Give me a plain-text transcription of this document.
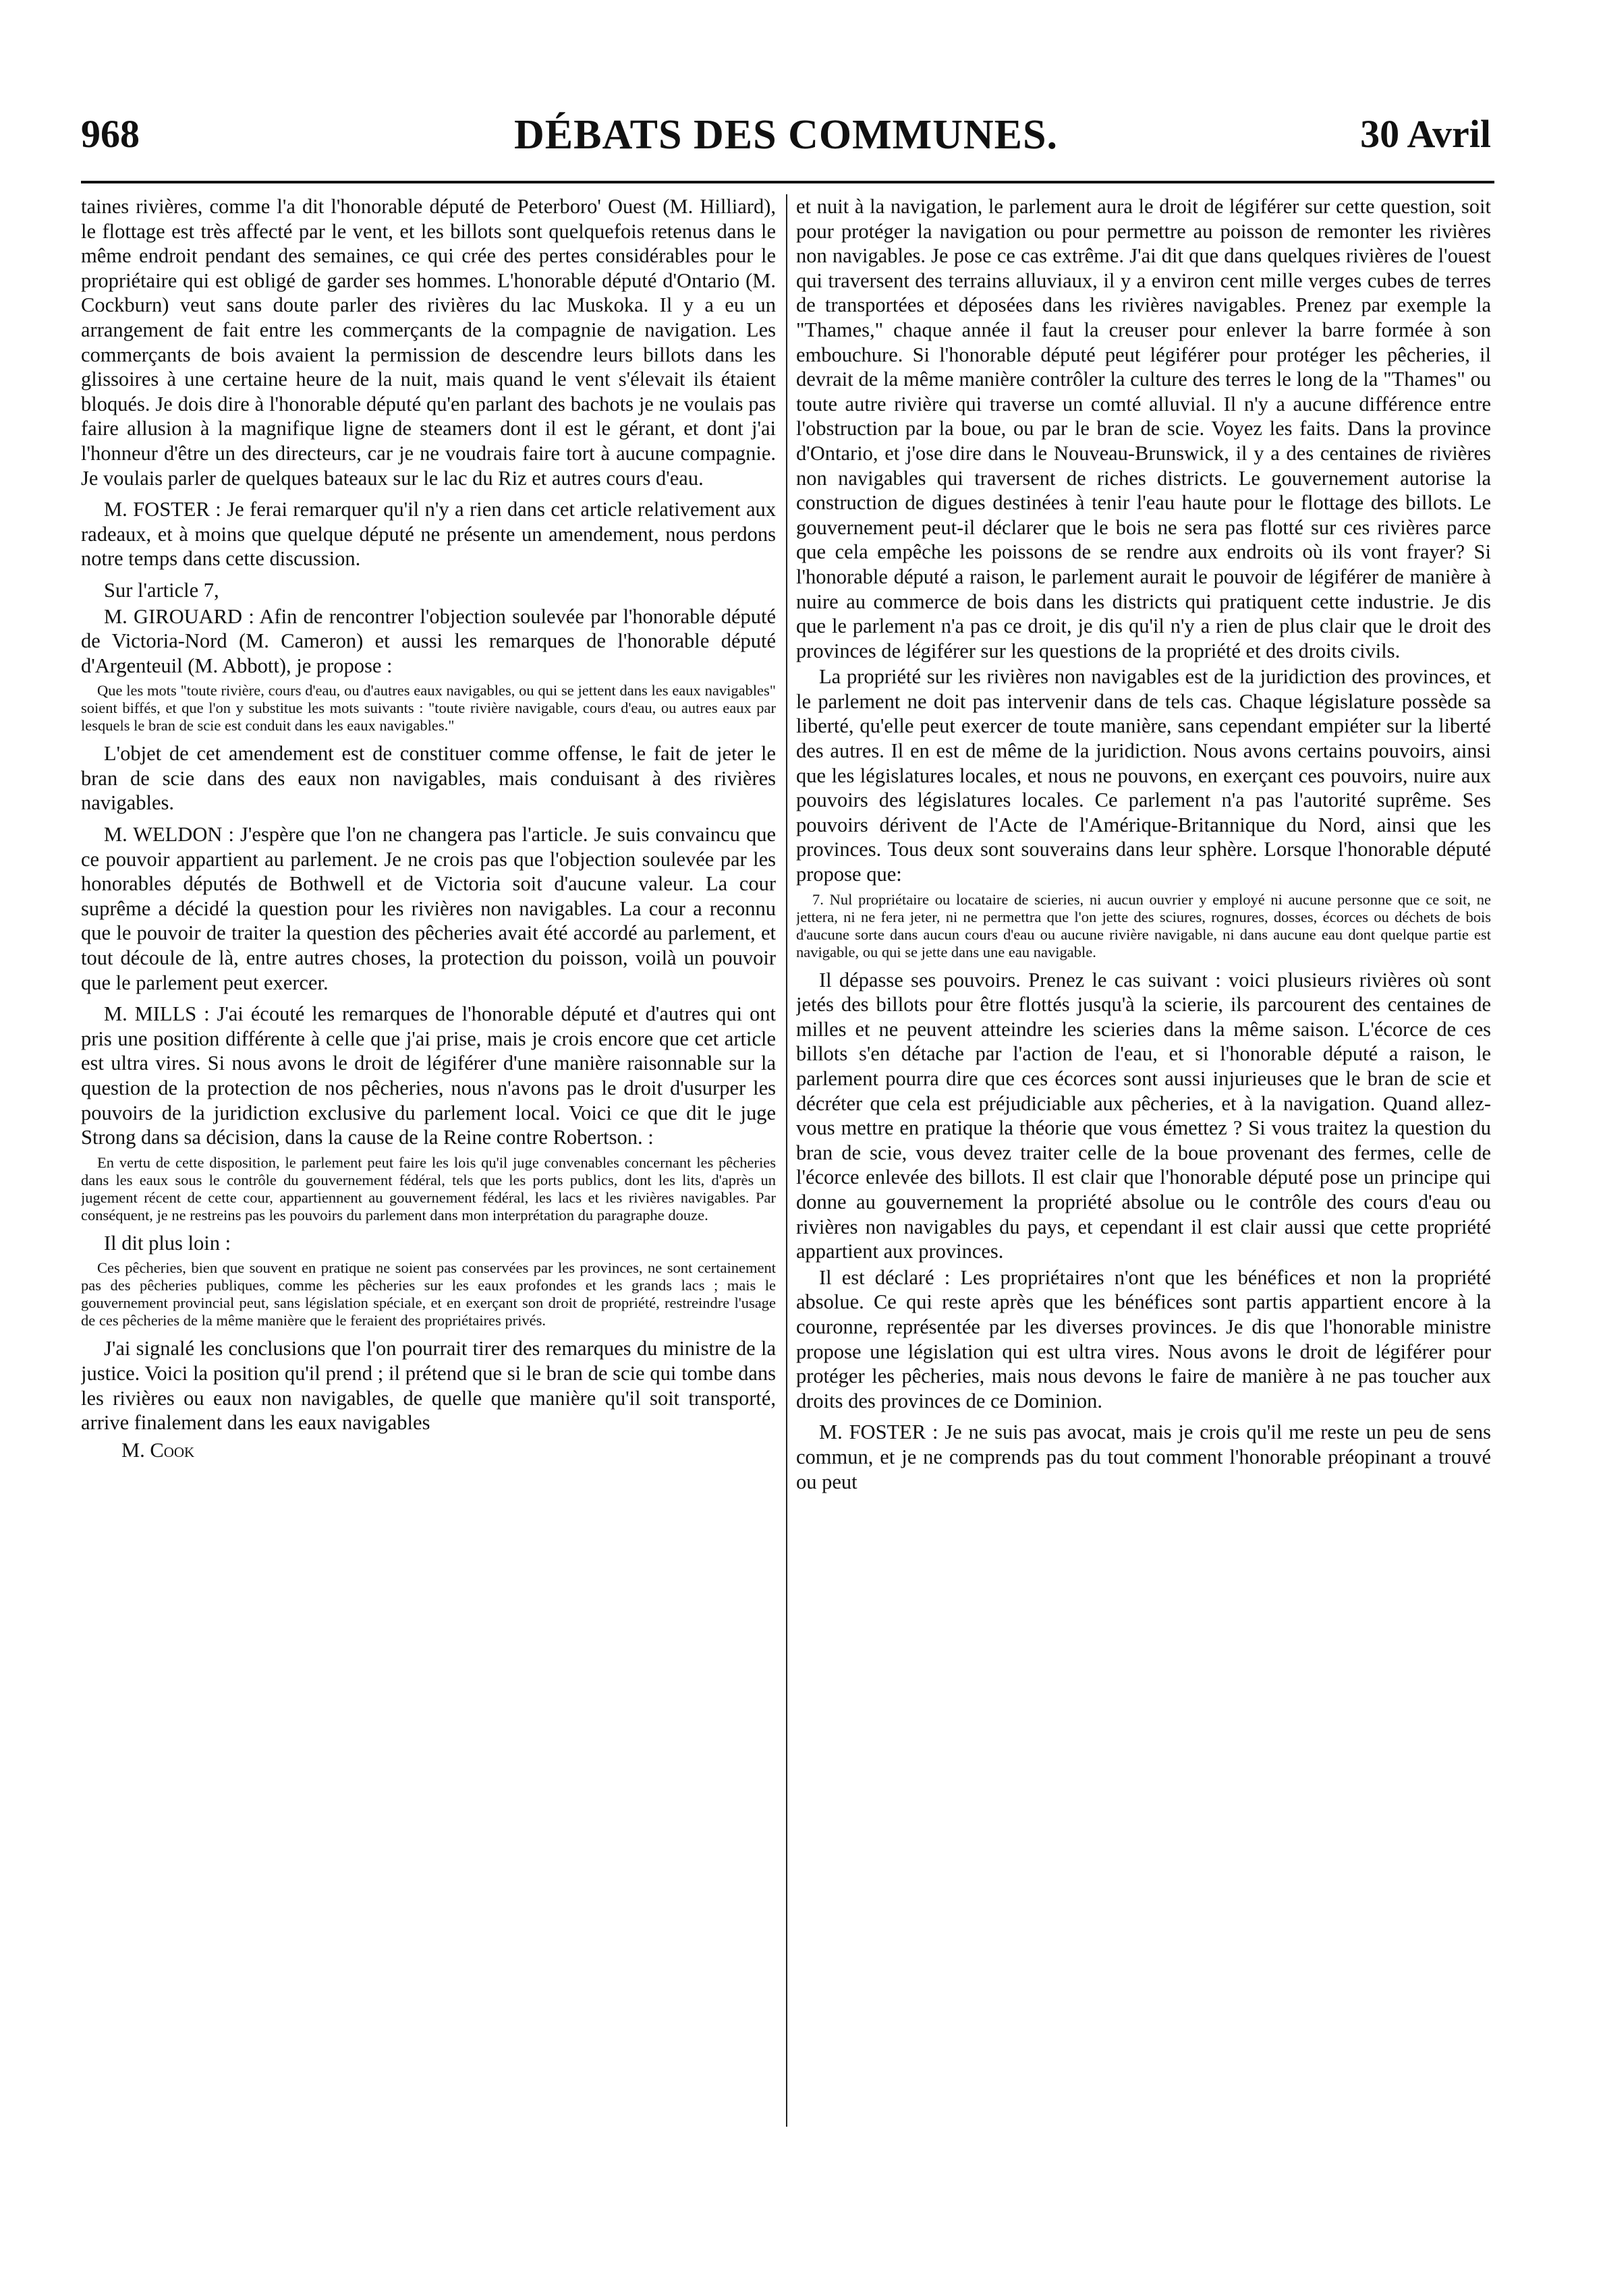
968	DÉBATS DES COMMUNES.	30 Avril

taines rivières, comme l'a dit l'honorable député de Peterboro' Ouest (M. Hilliard), le flottage est très affecté par le vent, et les billots sont quelquefois retenus dans le même endroit pendant des semaines, ce qui crée des pertes considérables pour le propriétaire qui est obligé de garder ses hommes. L'honorable député d'Ontario (M. Cockburn) veut sans doute parler des rivières du lac Muskoka. Il y a eu un arrangement de fait entre les commerçants de la compagnie de navigation. Les commerçants de bois avaient la permission de descendre leurs billots dans les glissoires à une certaine heure de la nuit, mais quand le vent s'élevait ils étaient bloqués. Je dois dire à l'honorable député qu'en parlant des bachots je ne voulais pas faire allusion à la magnifique ligne de steamers dont il est le gérant, et dont j'ai l'honneur d'être un des directeurs, car je ne voudrais faire tort à aucune compagnie. Je voulais parler de quelques bateaux sur le lac du Riz et autres cours d'eau.

M. FOSTER : Je ferai remarquer qu'il n'y a rien dans cet article relativement aux radeaux, et à moins que quelque député ne présente un amendement, nous perdons notre temps dans cette discussion.

Sur l'article 7,

M. GIROUARD : Afin de rencontrer l'objection soulevée par l'honorable député de Victoria-Nord (M. Cameron) et aussi les remarques de l'honorable député d'Argenteuil (M. Abbott), je propose :

Que les mots "toute rivière, cours d'eau, ou d'autres eaux navigables, ou qui se jettent dans les eaux navigables" soient biffés, et que l'on y substitue les mots suivants : "toute rivière navigable, cours d'eau, ou autres eaux par lesquels le bran de scie est conduit dans les eaux navigables."

L'objet de cet amendement est de constituer comme offense, le fait de jeter le bran de scie dans des eaux non navigables, mais conduisant à des rivières navigables.

M. WELDON : J'espère que l'on ne changera pas l'article. Je suis convaincu que ce pouvoir appartient au parlement. Je ne crois pas que l'objection soulevée par les honorables députés de Bothwell et de Victoria soit d'aucune valeur. La cour suprême a décidé la question pour les rivières non navigables. La cour a reconnu que le pouvoir de traiter la question des pêcheries avait été accordé au parlement, et tout découle de là, entre autres choses, la protection du poisson, voilà un pouvoir que le parlement peut exercer.

M. MILLS : J'ai écouté les remarques de l'honorable député et d'autres qui ont pris une position différente à celle que j'ai prise, mais je crois encore que cet article est ultra vires. Si nous avons le droit de légiférer d'une manière raisonnable sur la question de la protection de nos pêcheries, nous n'avons pas le droit d'usurper les pouvoirs de la juridiction exclusive du parlement local. Voici ce que dit le juge Strong dans sa décision, dans la cause de la Reine contre Robertson. :

En vertu de cette disposition, le parlement peut faire les lois qu'il juge convenables concernant les pêcheries dans les eaux sous le contrôle du gouvernement fédéral, tels que les ports publics, dont les lits, d'après un jugement récent de cette cour, appartiennent au gouvernement fédéral, les lacs et les rivières navigables. Par conséquent, je ne restreins pas les pouvoirs du parlement dans mon interprétation du paragraphe douze.

Il dit plus loin :

Ces pêcheries, bien que souvent en pratique ne soient pas conservées par les provinces, ne sont certainement pas des pêcheries publiques, comme les pêcheries sur les eaux profondes et les grands lacs ; mais le gouvernement provincial peut, sans législation spéciale, et en exerçant son droit de propriété, restreindre l'usage de ces pêcheries de la même manière que le feraient des propriétaires privés.

J'ai signalé les conclusions que l'on pourrait tirer des remarques du ministre de la justice. Voici la position qu'il prend ; il prétend que si le bran de scie qui tombe dans les rivières ou eaux non navigables, de quelle que manière qu'il soit transporté, arrive finalement dans les eaux navigables

M. Cook

et nuit à la navigation, le parlement aura le droit de légiférer sur cette question, soit pour protéger la navigation ou pour permettre au poisson de remonter les rivières non navigables. Je pose ce cas extrême. J'ai dit que dans quelques rivières de l'ouest qui traversent des terrains alluviaux, il y a environ cent mille verges cubes de terres de transportées et déposées dans les rivières navigables. Prenez par exemple la "Thames," chaque année il faut la creuser pour enlever la barre formée à son embouchure. Si l'honorable député peut légiférer pour protéger les pêcheries, il devrait de la même manière contrôler la culture des terres le long de la "Thames" ou toute autre rivière qui traverse un comté alluvial. Il n'y a aucune différence entre l'obstruction par la boue, ou par le bran de scie. Voyez les faits. Dans la province d'Ontario, et j'ose dire dans le Nouveau-Brunswick, il y a des centaines de rivières non navigables qui traversent de riches districts. Le gouvernement autorise la construction de digues destinées à tenir l'eau haute pour le flottage des billots. Le gouvernement peut-il déclarer que le bois ne sera pas flotté sur ces rivières parce que cela empêche les poissons de se rendre aux endroits où ils vont frayer? Si l'honorable député a raison, le parlement aurait le pouvoir de légiférer de manière à nuire au commerce de bois dans les districts qui pratiquent cette industrie. Je dis que le parlement n'a pas ce droit, je dis qu'il n'y a rien de plus clair que le droit des provinces de légiférer sur les questions de la propriété et des droits civils.

La propriété sur les rivières non navigables est de la juridiction des provinces, et le parlement ne doit pas intervenir dans de tels cas. Chaque législature possède sa liberté, qu'elle peut exercer de toute manière, sans cependant empiéter sur la liberté des autres. Il en est de même de la juridiction. Nous avons certains pouvoirs, ainsi que les législatures locales, et nous ne pouvons, en exerçant ces pouvoirs, nuire aux pouvoirs des législatures locales. Ce parlement n'a pas l'autorité suprême. Ses pouvoirs dérivent de l'Acte de l'Amérique-Britannique du Nord, ainsi que les provinces. Tous deux sont souverains dans leur sphère. Lorsque l'honorable député propose que:

7. Nul propriétaire ou locataire de scieries, ni aucun ouvrier y employé ni aucune personne que ce soit, ne jettera, ni ne fera jeter, ni ne permettra que l'on jette des sciures, rognures, dosses, écorces ou déchets de bois d'aucune sorte dans aucun cours d'eau ou aucune rivière navigable, ni dans aucune eau dont quelque partie est navigable, ou qui se jette dans une eau navigable.

Il dépasse ses pouvoirs. Prenez le cas suivant : voici plusieurs rivières où sont jetés des billots pour être flottés jusqu'à la scierie, ils parcourent des centaines de milles et ne peuvent atteindre les scieries dans la même saison. L'écorce de ces billots s'en détache par l'action de l'eau, et si l'honorable député a raison, le parlement pourra dire que ces écorces sont aussi injurieuses que le bran de scie et décréter que cela est préjudiciable aux pêcheries, et à la navigation. Quand allez-vous mettre en pratique la théorie que vous émettez ? Si vous traitez la question du bran de scie, vous devez traiter celle de la boue provenant des fermes, celle de l'écorce enlevée des billots. Il est clair que l'honorable député pose un principe qui donne au gouvernement la propriété absolue ou le contrôle des cours d'eau ou rivières non navigables du pays, et cependant il est clair aussi que cette propriété appartient aux provinces.

Il est déclaré : Les propriétaires n'ont que les bénéfices et non la propriété absolue. Ce qui reste après que les bénéfices sont partis appartient encore à la couronne, représentée par les diverses provinces. Je dis que l'honorable ministre propose une législation qui est ultra vires. Nous avons le droit de légiférer pour protéger les pêcheries, mais nous devons le faire de manière à ne pas toucher aux droits des provinces de ce Dominion.

M. FOSTER : Je ne suis pas avocat, mais je crois qu'il me reste un peu de sens commun, et je ne comprends pas du tout comment l'honorable préopinant a trouvé ou peut
